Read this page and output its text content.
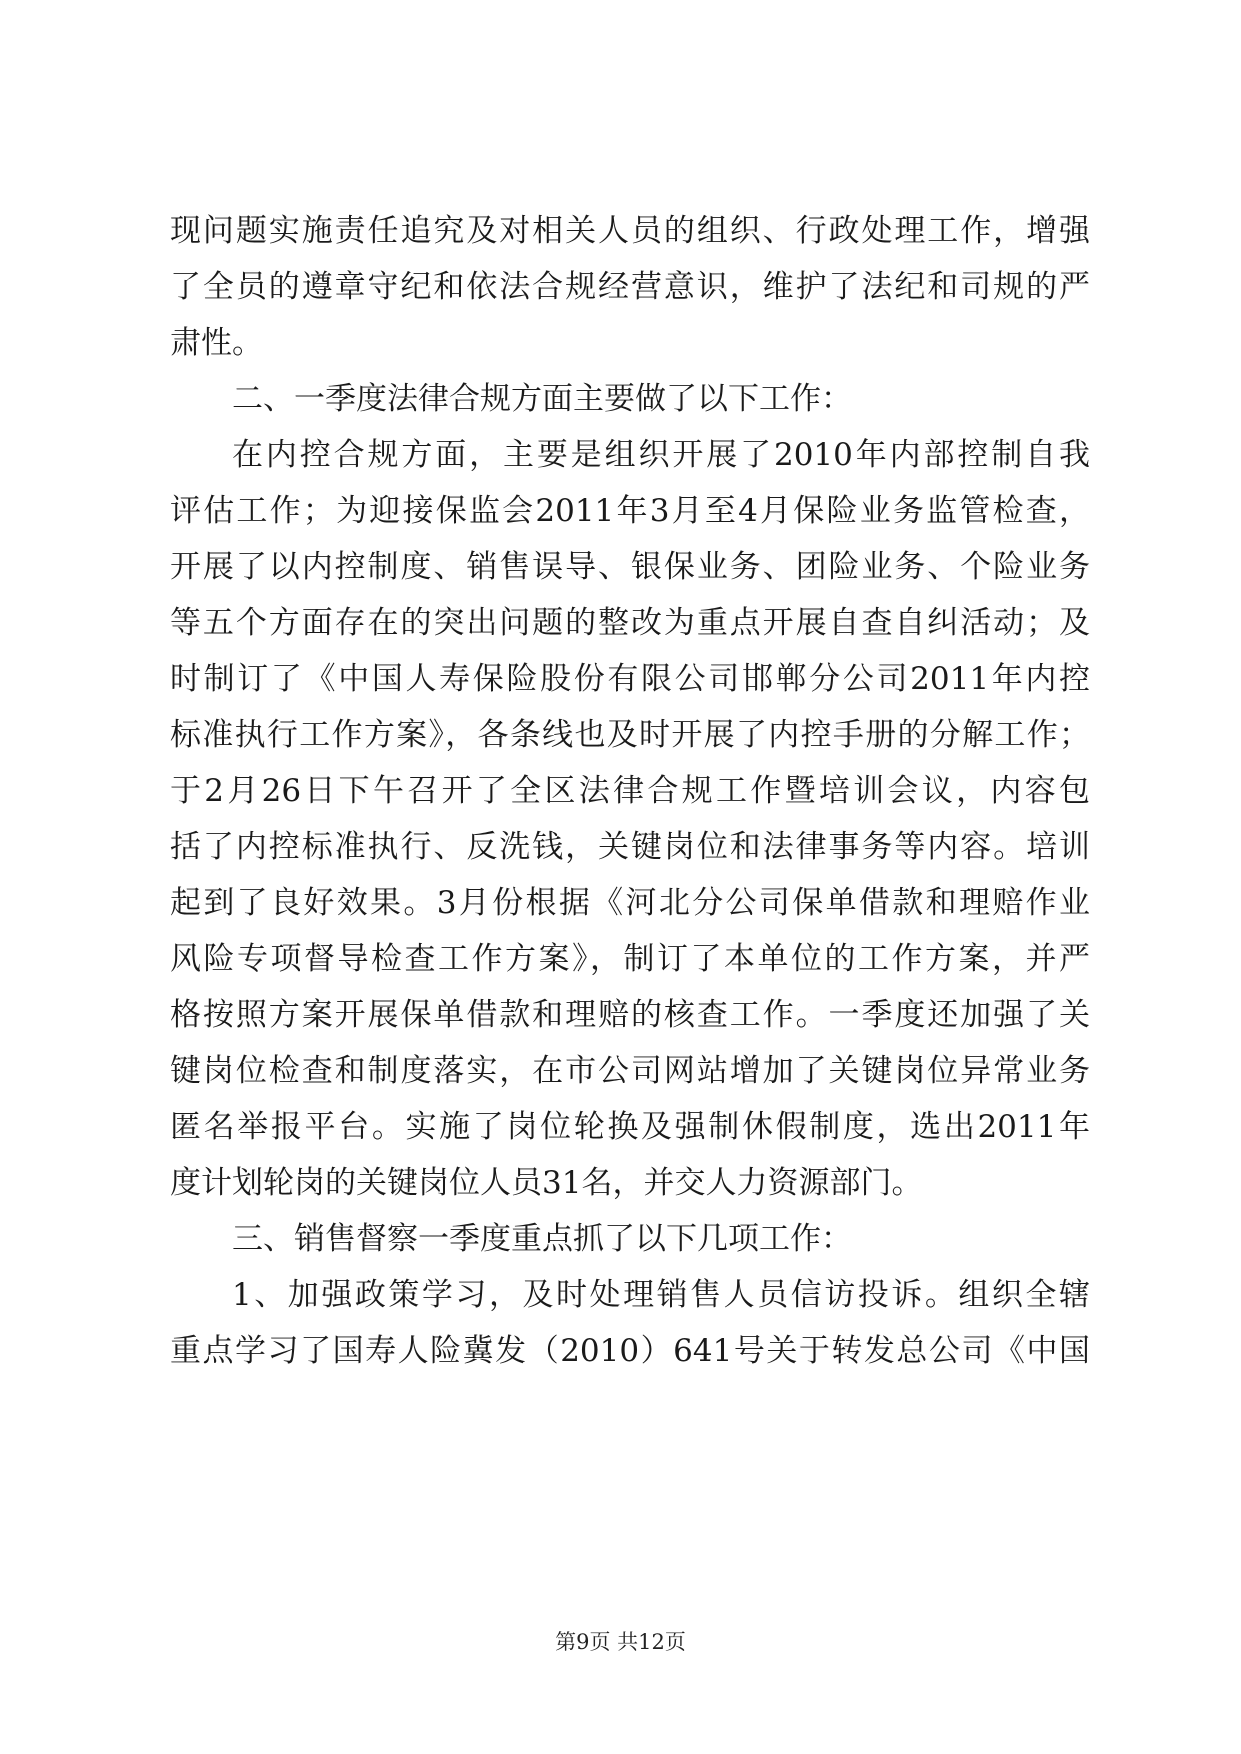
现问题实施责任追究及对相关人员的组织、行政处理工作，增强
了全员的遵章守纪和依法合规经营意识，维护了法纪和司规的严
肃性。
二、一季度法律合规方面主要做了以下工作：
在内控合规方面，主要是组织开展了2010年内部控制自我
评估工作；为迎接保监会2011年3月至4月保险业务监管检查，
开展了以内控制度、销售误导、银保业务、团险业务、个险业务
等五个方面存在的突出问题的整改为重点开展自查自纠活动；及
时制订了《中国人寿保险股份有限公司邯郸分公司2011年内控
标准执行工作方案》，各条线也及时开展了内控手册的分解工作；
于2月26日下午召开了全区法律合规工作暨培训会议，内容包
括了内控标准执行、反洗钱，关键岗位和法律事务等内容。培训
起到了良好效果。3月份根据《河北分公司保单借款和理赔作业
风险专项督导检查工作方案》，制订了本单位的工作方案，并严
格按照方案开展保单借款和理赔的核查工作。一季度还加强了关
键岗位检查和制度落实，在市公司网站增加了关键岗位异常业务
匿名举报平台。实施了岗位轮换及强制休假制度，选出2011年
度计划轮岗的关键岗位人员31名，并交人力资源部门。
三、销售督察一季度重点抓了以下几项工作：
1、加强政策学习，及时处理销售人员信访投诉。组织全辖
重点学习了国寿人险冀发（2010）641号关于转发总公司《中国
第9页 共12页
